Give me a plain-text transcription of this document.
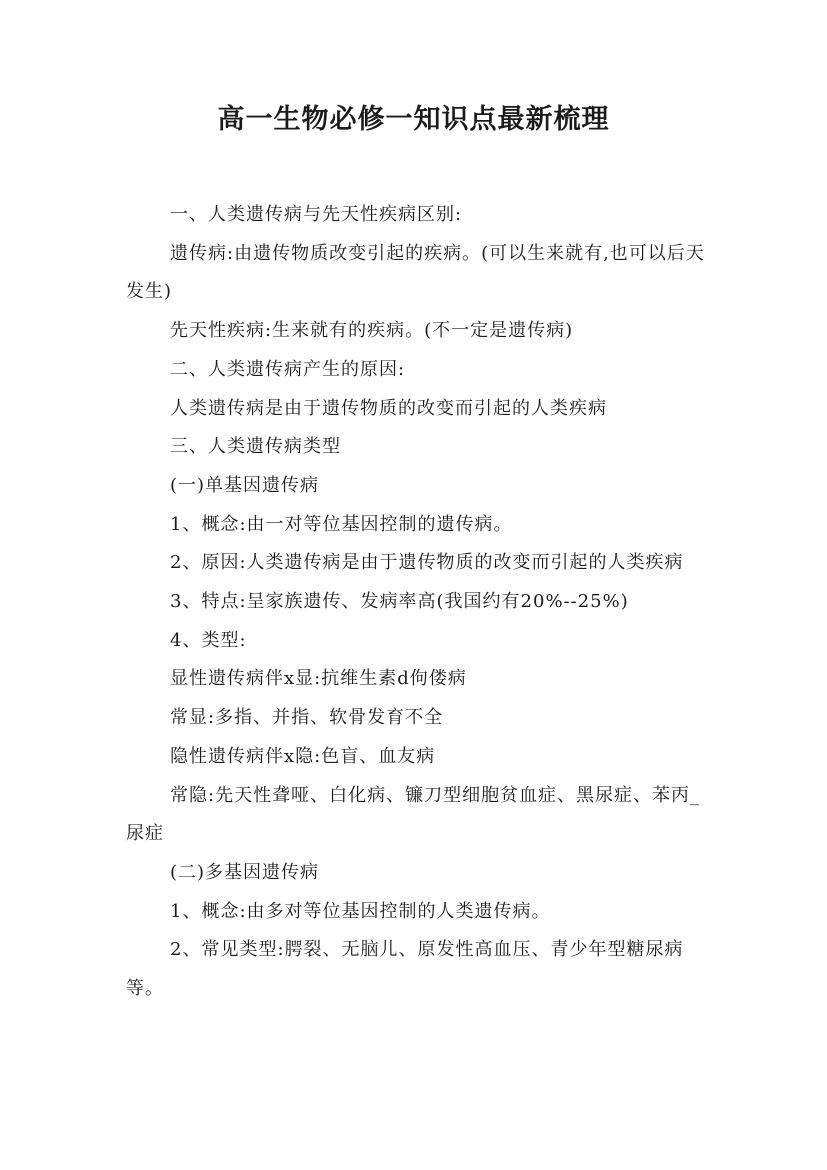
高一生物必修一知识点最新梳理

一、人类遗传病与先天性疾病区别:

遗传病:由遗传物质改变引起的疾病。(可以生来就有,也可以后天发生)

先天性疾病:生来就有的疾病。(不一定是遗传病)

二、人类遗传病产生的原因:

人类遗传病是由于遗传物质的改变而引起的人类疾病

三、人类遗传病类型

(一)单基因遗传病

1、概念:由一对等位基因控制的遗传病。

2、原因:人类遗传病是由于遗传物质的改变而引起的人类疾病

3、特点:呈家族遗传、发病率高(我国约有20%--25%)

4、类型:

显性遗传病伴x显:抗维生素d佝偻病

常显:多指、并指、软骨发育不全

隐性遗传病伴x隐:色盲、血友病

常隐:先天性聋哑、白化病、镰刀型细胞贫血症、黑尿症、苯丙_尿症

(二)多基因遗传病

1、概念:由多对等位基因控制的人类遗传病。

2、常见类型:腭裂、无脑儿、原发性高血压、青少年型糖尿病等。
